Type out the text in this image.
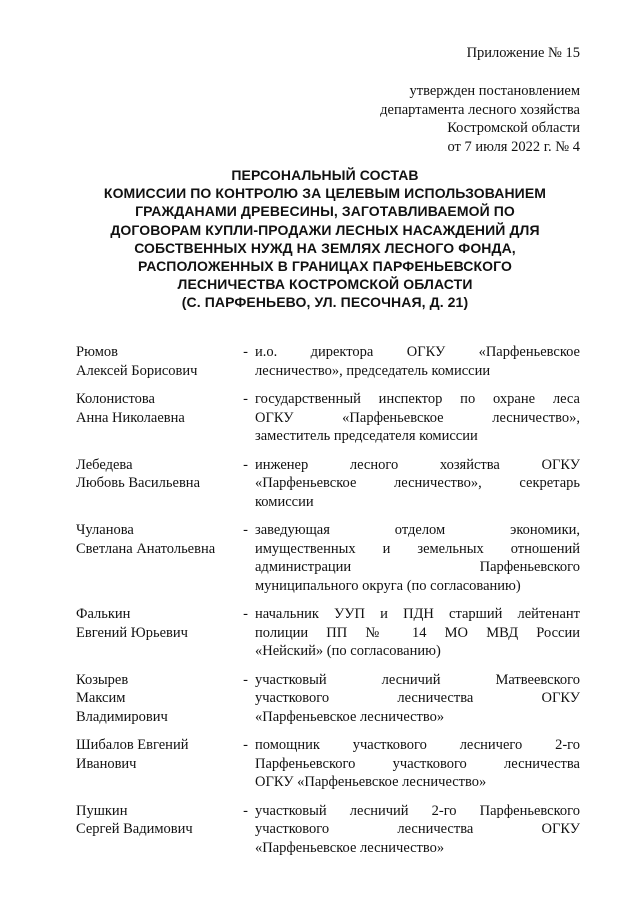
Приложение № 15
утвержден постановлением
департамента лесного хозяйства
Костромской области
от 7 июля 2022 г. № 4
ПЕРСОНАЛЬНЫЙ СОСТАВ
КОМИССИИ ПО КОНТРОЛЮ ЗА ЦЕЛЕВЫМ ИСПОЛЬЗОВАНИЕМ
ГРАЖДАНАМИ ДРЕВЕСИНЫ, ЗАГОТАВЛИВАЕМОЙ ПО
ДОГОВОРАМ КУПЛИ-ПРОДАЖИ ЛЕСНЫХ НАСАЖДЕНИЙ ДЛЯ
СОБСТВЕННЫХ НУЖД НА ЗЕМЛЯХ ЛЕСНОГО ФОНДА,
РАСПОЛОЖЕННЫХ В ГРАНИЦАХ ПАРФЕНЬЕВСКОГО
ЛЕСНИЧЕСТВА КОСТРОМСКОЙ ОБЛАСТИ
(С. ПАРФЕНЬЕВО, УЛ. ПЕСОЧНАЯ, Д. 21)
Рюмов
Алексей Борисович
- и.о. директора ОГКУ «Парфеньевское
лесничество», председатель комиссии
Колонистова
Анна Николаевна
- государственный инспектор по охране леса
ОГКУ «Парфеньевское лесничество»,
заместитель председателя комиссии
Лебедева
Любовь Васильевна
- инженер лесного хозяйства ОГКУ
«Парфеньевское лесничество», секретарь
комиссии
Чуланова
Светлана Анатольевна
- заведующая отделом экономики,
имущественных и земельных отношений
администрации Парфеньевского
муниципального округа (по согласованию)
Фалькин
Евгений Юрьевич
- начальник УУП и ПДН старший лейтенант
полиции ПП № 14 МО МВД России
«Нейский» (по согласованию)
Козырев
Максим
Владимирович
- участковый лесничий Матвеевского
участкового лесничества ОГКУ
«Парфеньевское лесничество»
Шибалов Евгений
Иванович
- помощник участкового лесничего 2-го
Парфеньевского участкового лесничества
ОГКУ «Парфеньевское лесничество»
Пушкин
Сергей Вадимович
- участковый лесничий 2-го Парфеньевского
участкового лесничества ОГКУ
«Парфеньевское лесничество»
